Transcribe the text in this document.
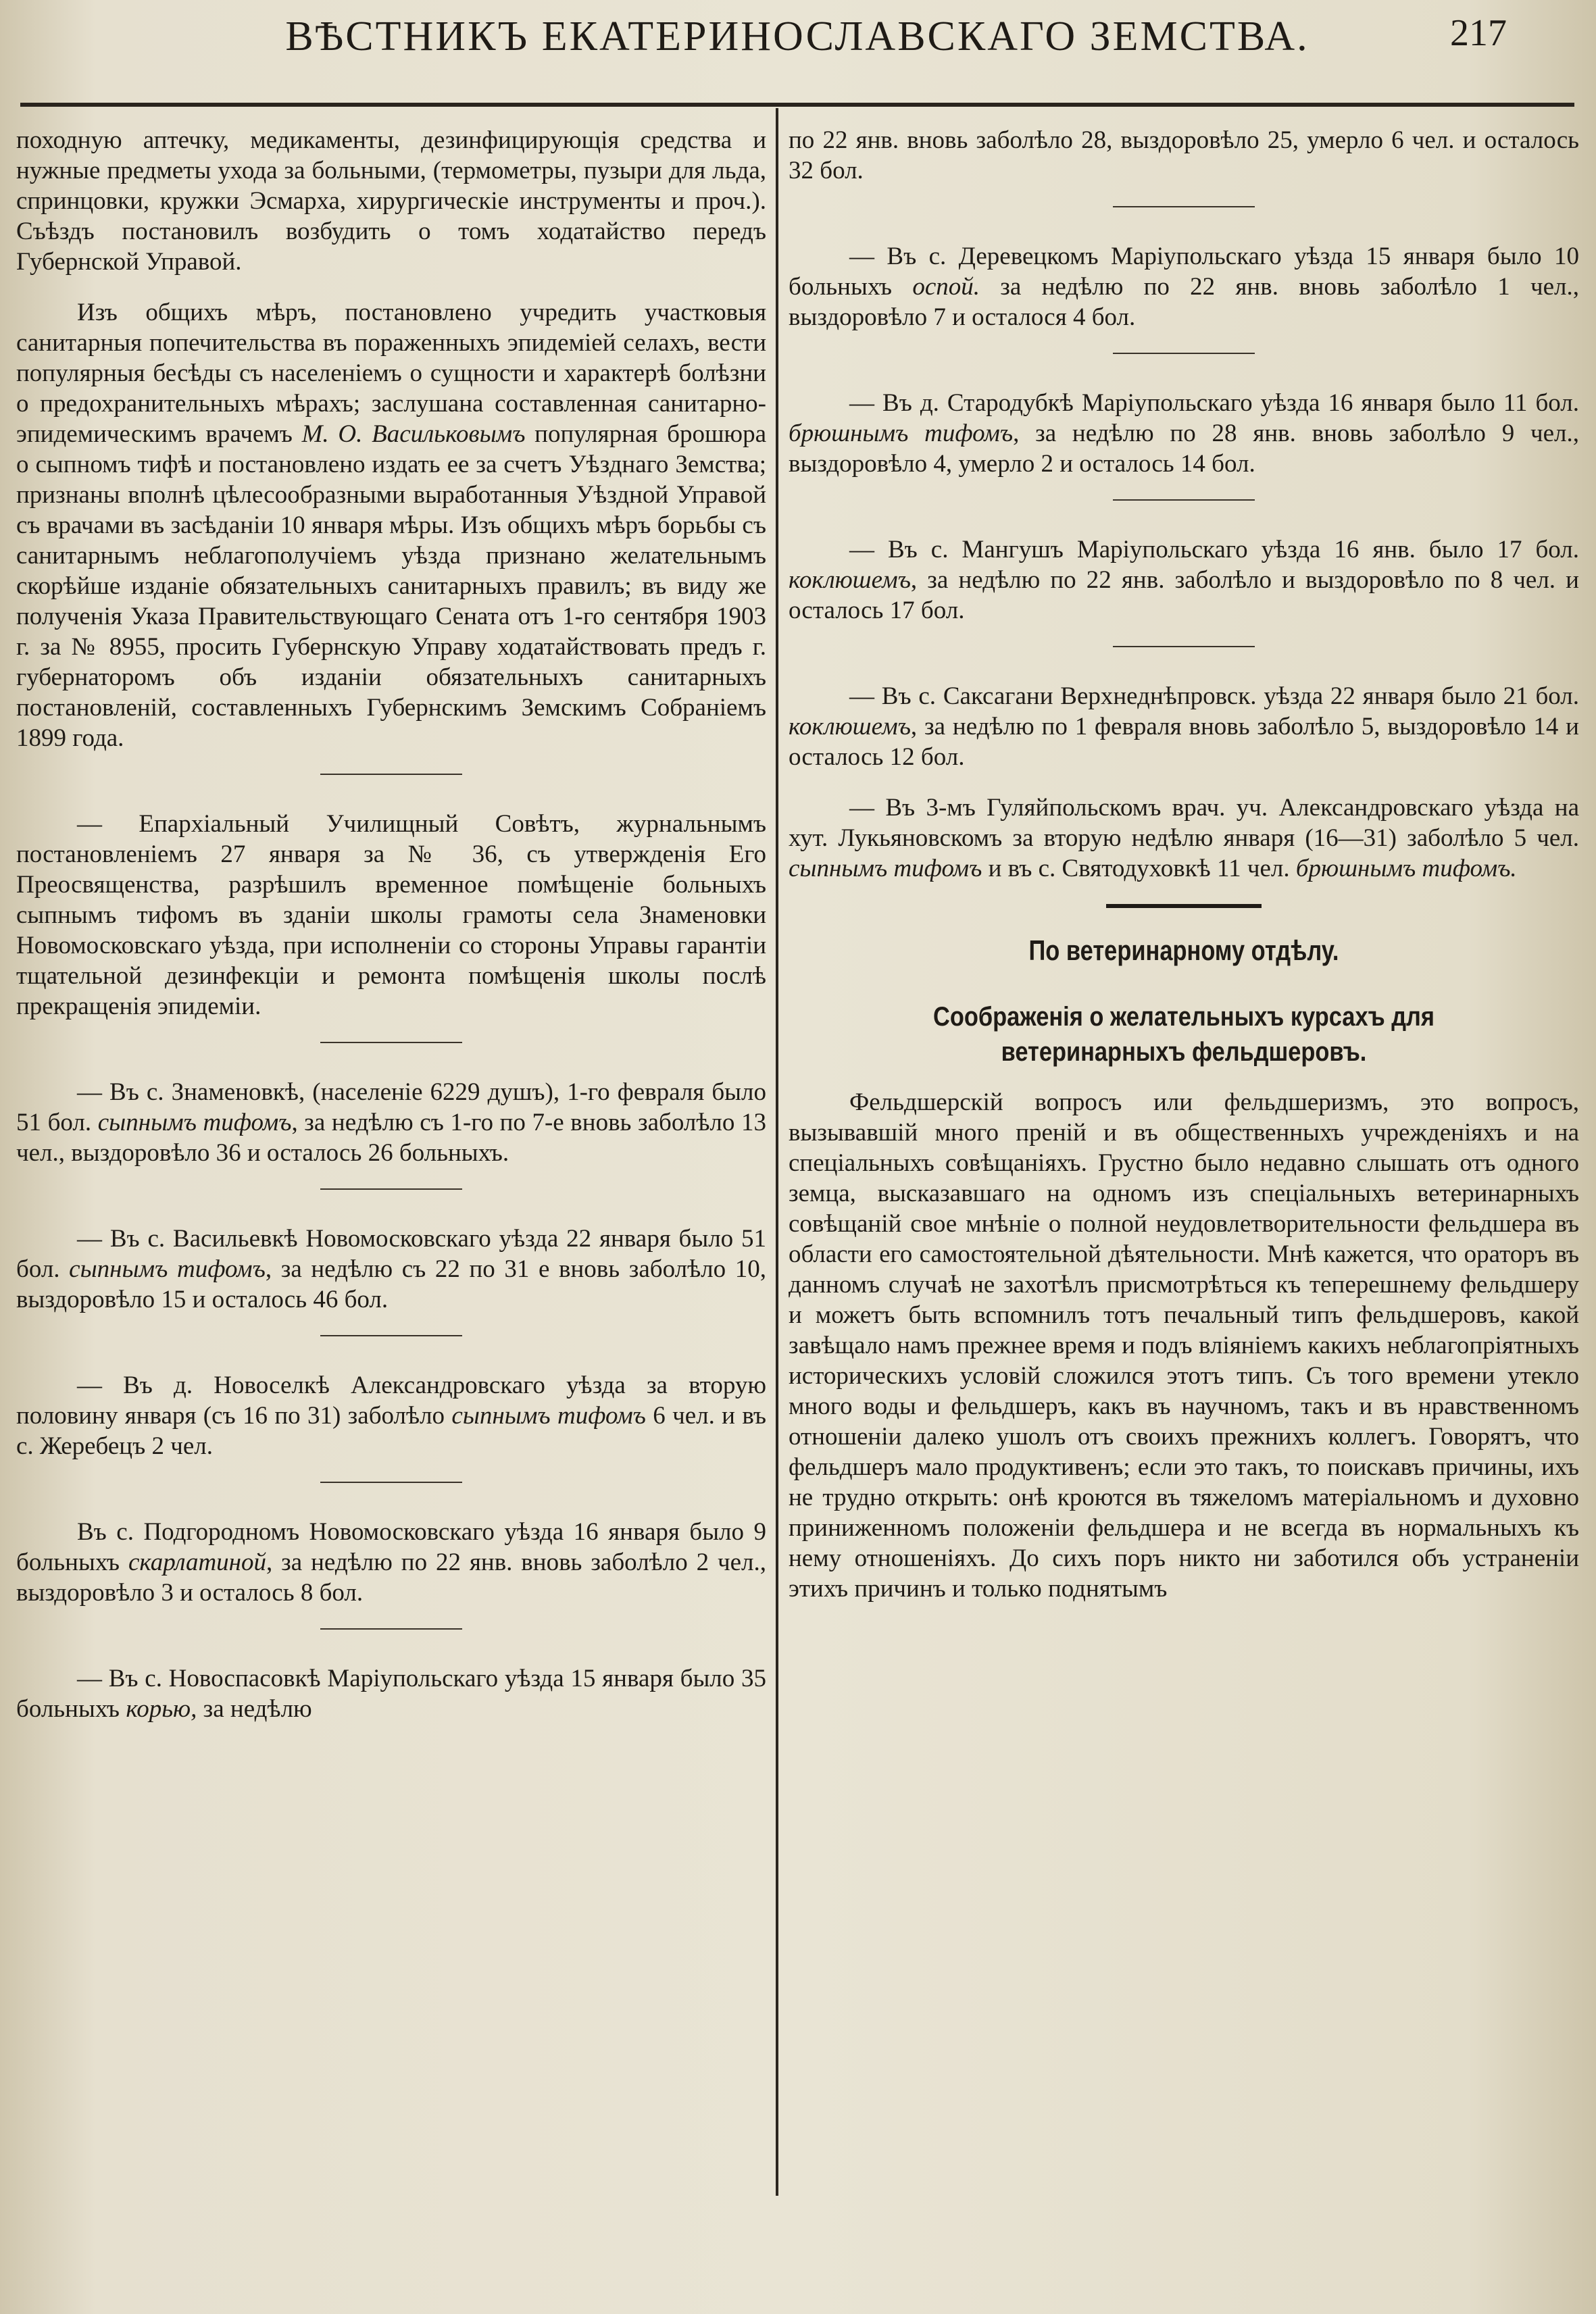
ВѢСТНИКЪ ЕКАТЕРИНОСЛАВСКАГО ЗЕМСТВА.	217

походную аптечку, медикаменты, дезинфицирующія средства и нужные предметы ухода за больными, (термометры, пузыри для льда, спринцовки, кружки Эсмарха, хирургическіе инструменты и проч.). Съѣздъ постановилъ возбудить о томъ ходатайство передъ Губернской Управой.

Изъ общихъ мѣръ, постановлено учредить участковыя санитарныя попечительства въ пораженныхъ эпидеміей селахъ, вести популярныя бесѣды съ населеніемъ о сущности и характерѣ болѣзни о предохранительныхъ мѣрахъ; заслушана составленная санитарно-эпидемическимъ врачемъ М. О. Васильковымъ популярная брошюра о сыпномъ тифѣ и постановлено издать ее за счетъ Уѣзднаго Земства; признаны вполнѣ цѣлесообразными выработанныя Уѣздной Управой съ врачами въ засѣданіи 10 января мѣры. Изъ общихъ мѣръ борьбы съ санитарнымъ неблагополучіемъ уѣзда признано желательнымъ скорѣйше изданіе обязательныхъ санитарныхъ правилъ; въ виду же полученія Указа Правительствующаго Сената отъ 1-го сентября 1903 г. за № 8955, просить Губернскую Управу ходатайствовать предъ г. губернаторомъ объ изданіи обязательныхъ санитарныхъ постановленій, составленныхъ Губернскимъ Земскимъ Собраніемъ 1899 года.

— Епархіальный Училищный Совѣтъ, журнальнымъ постановленіемъ 27 января за № 36, съ утвержденія Его Преосвященства, разрѣшилъ временное помѣщеніе больныхъ сыпнымъ тифомъ въ зданіи школы грамоты села Знаменовки Новомосковскаго уѣзда, при исполненіи со стороны Управы гарантіи тщательной дезинфекціи и ремонта помѣщенія школы послѣ прекращенія эпидеміи.

— Въ с. Знаменовкѣ, (населеніе 6229 душъ), 1-го февраля было 51 бол. сыпнымъ тифомъ, за недѣлю съ 1-го по 7-е вновь заболѣло 13 чел., выздоровѣло 36 и осталось 26 больныхъ.

— Въ с. Васильевкѣ Новомосковскаго уѣзда 22 января было 51 бол. сыпнымъ тифомъ, за недѣлю съ 22 по 31 е вновь заболѣло 10, выздоровѣло 15 и осталось 46 бол.

— Въ д. Новоселкѣ Александровскаго уѣзда за вторую половину января (съ 16 по 31) заболѣло сыпнымъ тифомъ 6 чел. и въ с. Жеребецъ 2 чел.

Въ с. Подгородномъ Новомосковскаго уѣзда 16 января было 9 больныхъ скарлатиной, за недѣлю по 22 янв. вновь заболѣло 2 чел., выздоровѣло 3 и осталось 8 бол.

— Въ с. Новоспасовкѣ Маріупольскаго уѣзда 15 января было 35 больныхъ корью, за недѣлю

по 22 янв. вновь заболѣло 28, выздоровѣло 25, умерло 6 чел. и осталось 32 бол.

— Въ с. Деревецкомъ Маріупольскаго уѣзда 15 января было 10 больныхъ оспой. за недѣлю по 22 янв. вновь заболѣло 1 чел., выздоровѣло 7 и осталося 4 бол.

— Въ д. Стародубкѣ Маріупольскаго уѣзда 16 января было 11 бол. брюшнымъ тифомъ, за недѣлю по 28 янв. вновь заболѣло 9 чел., выздоровѣло 4, умерло 2 и осталось 14 бол.

— Въ с. Мангушъ Маріупольскаго уѣзда 16 янв. было 17 бол. коклюшемъ, за недѣлю по 22 янв. заболѣло и выздоровѣло по 8 чел. и осталось 17 бол.

— Въ с. Саксагани Верхнеднѣпровск. уѣзда 22 января было 21 бол. коклюшемъ, за недѣлю по 1 февраля вновь заболѣло 5, выздоровѣло 14 и осталось 12 бол.

— Въ 3-мъ Гуляйпольскомъ врач. уч. Александровскаго уѣзда на хут. Лукьяновскомъ за вторую недѣлю января (16—31) заболѣло 5 чел. сыпнымъ тифомъ и въ с. Святодуховкѣ 11 чел. брюшнымъ тифомъ.

По ветеринарному отдѣлу.
Соображенія о желательныхъ курсахъ для ветеринарныхъ фельдшеровъ.

Фельдшерскій вопросъ или фельдшеризмъ, это вопросъ, вызывавшій много преній и въ общественныхъ учрежденіяхъ и на спеціальныхъ совѣщаніяхъ. Грустно было недавно слышать отъ одного земца, высказавшаго на одномъ изъ спеціальныхъ ветеринарныхъ совѣщаній свое мнѣніе о полной неудовлетворительности фельдшера въ области его самостоятельной дѣятельности. Мнѣ кажется, что ораторъ въ данномъ случаѣ не захотѣлъ присмотрѣться къ теперешнему фельдшеру и можетъ быть вспомнилъ тотъ печальный типъ фельдшеровъ, какой завѣщало намъ прежнее время и подъ вліяніемъ какихъ неблагопріятныхъ историческихъ условій сложился этотъ типъ. Съ того времени утекло много воды и фельдшеръ, какъ въ научномъ, такъ и въ нравственномъ отношеніи далеко ушолъ отъ своихъ прежнихъ коллегъ. Говорятъ, что фельдшеръ мало продуктивенъ; если это такъ, то поискавъ причины, ихъ не трудно открыть: онѣ кроются въ тяжеломъ матеріальномъ и духовно приниженномъ положеніи фельдшера и не всегда въ нормальныхъ къ нему отношеніяхъ. До сихъ поръ никто ни заботился объ устраненіи этихъ причинъ и только поднятымъ
